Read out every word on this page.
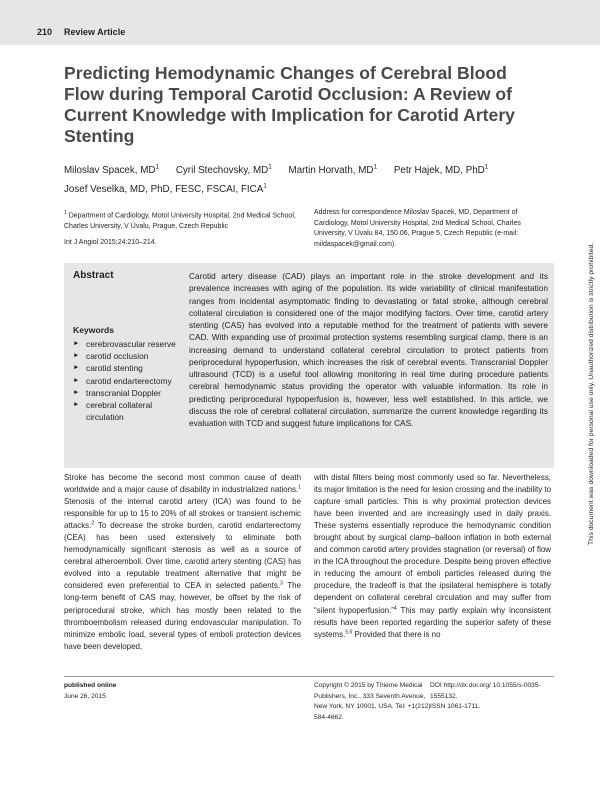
210 Review Article
Predicting Hemodynamic Changes of Cerebral Blood Flow during Temporal Carotid Occlusion: A Review of Current Knowledge with Implication for Carotid Artery Stenting
Miloslav Spacek, $MD^1$ Cyril Stechovsky, $MD^1$ Martin Horvath, $MD^1$ Petr Hajek, MD, PhD$^1$ Josef Veselka, MD, PhD, FESC, FSCAI, FICA$^1$
$^1$ Department of Cardiology, Motol University Hospital, 2nd Medical School, Charles University, V Úvalu, Prague, Czech Republic
Int J Angiol 2015;24:210–214.
Address for correspondence Miloslav Spacek, MD, Department of Cardiology, Motol University Hospital, 2nd Medical School, Charles University, V Úvalu 84, 150 06, Prague 5, Czech Republic (e-mail: mildaspacek@gmail.com).
Abstract
Keywords
► cerebrovascular reserve
► carotid occlusion
► carotid stenting
► carotid endarterectomy
► transcranial Doppler
► cerebral collateral circulation

Carotid artery disease (CAD) plays an important role in the stroke development and its prevalence increases with aging of the population. Its wide variability of clinical manifestation ranges from incidental asymptomatic finding to devastating or fatal stroke, although cerebral collateral circulation is considered one of the major modifying factors. Over time, carotid artery stenting (CAS) has evolved into a reputable method for the treatment of patients with severe CAD. With expanding use of proximal protection systems resembling surgical clamp, there is an increasing demand to understand collateral cerebral circulation to protect patients from periprocedural hypoperfusion, which increases the risk of cerebral events. Transcranial Doppler ultrasound (TCD) is a useful tool allowing monitoring in real time during procedure patients cerebral hemodynamic status providing the operator with valuable information. Its role in predicting periprocedural hypoperfusion is, however, less well established. In this article, we discuss the role of cerebral collateral circulation, summarize the current knowledge regarding its evaluation with TCD and suggest future implications for CAS.

Stroke has become the second most common cause of death worldwide and a major cause of disability in industrialized nations.$^1$ Stenosis of the internal carotid artery (ICA) was found to be responsible for up to 15 to 20% of all strokes or transient ischemic attacks.$^2$ To decrease the stroke burden, carotid endarterectomy (CEA) has been used extensively to eliminate both hemodynamically significant stenosis as well as a source of cerebral atheroemboli. Over time, carotid artery stenting (CAS) has evolved into a reputable treatment alternative that might be considered even preferential to CEA in selected patients.$^3$ The long-term benefit of CAS may, however, be offset by the risk of periprocedural stroke, which has mostly been related to the thromboembolism released during endovascular manipulation. To minimize embolic load, several types of emboli protection devices have been developed,

with distal filters being most commonly used so far. Nevertheless, its major limitation is the need for lesion crossing and the inability to capture small particles. This is why proximal protection devices have been invented and are increasingly used in daily praxis. These systems essentially reproduce the hemodynamic condition brought about by surgical clamp–balloon inflation in both external and common carotid artery provides stagnation (or reversal) of flow in the ICA throughout the procedure. Despite being proven effective in reducing the amount of emboli particles released during the procedure, the tradeoff is that the ipsilateral hemisphere is totally dependent on collateral cerebral circulation and may suffer from “silent hypoperfusion.”$^4$ This may partly explain why inconsistent results have been reported regarding the superior safety of these systems.$^{5,6}$ Provided that there is no

published online
June 26, 2015
Copyright © 2015 by Thieme Medical Publishers, Inc., 333 Seventh Avenue, New York, NY 10001, USA. Tel: +1(212) 584-4662.
DOI http://dx.doi.org/ 10.1055/s-0035-1555132.
ISSN 1061-1711.
This document was downloaded for personal use only. Unauthorized distribution is strictly prohibited.
